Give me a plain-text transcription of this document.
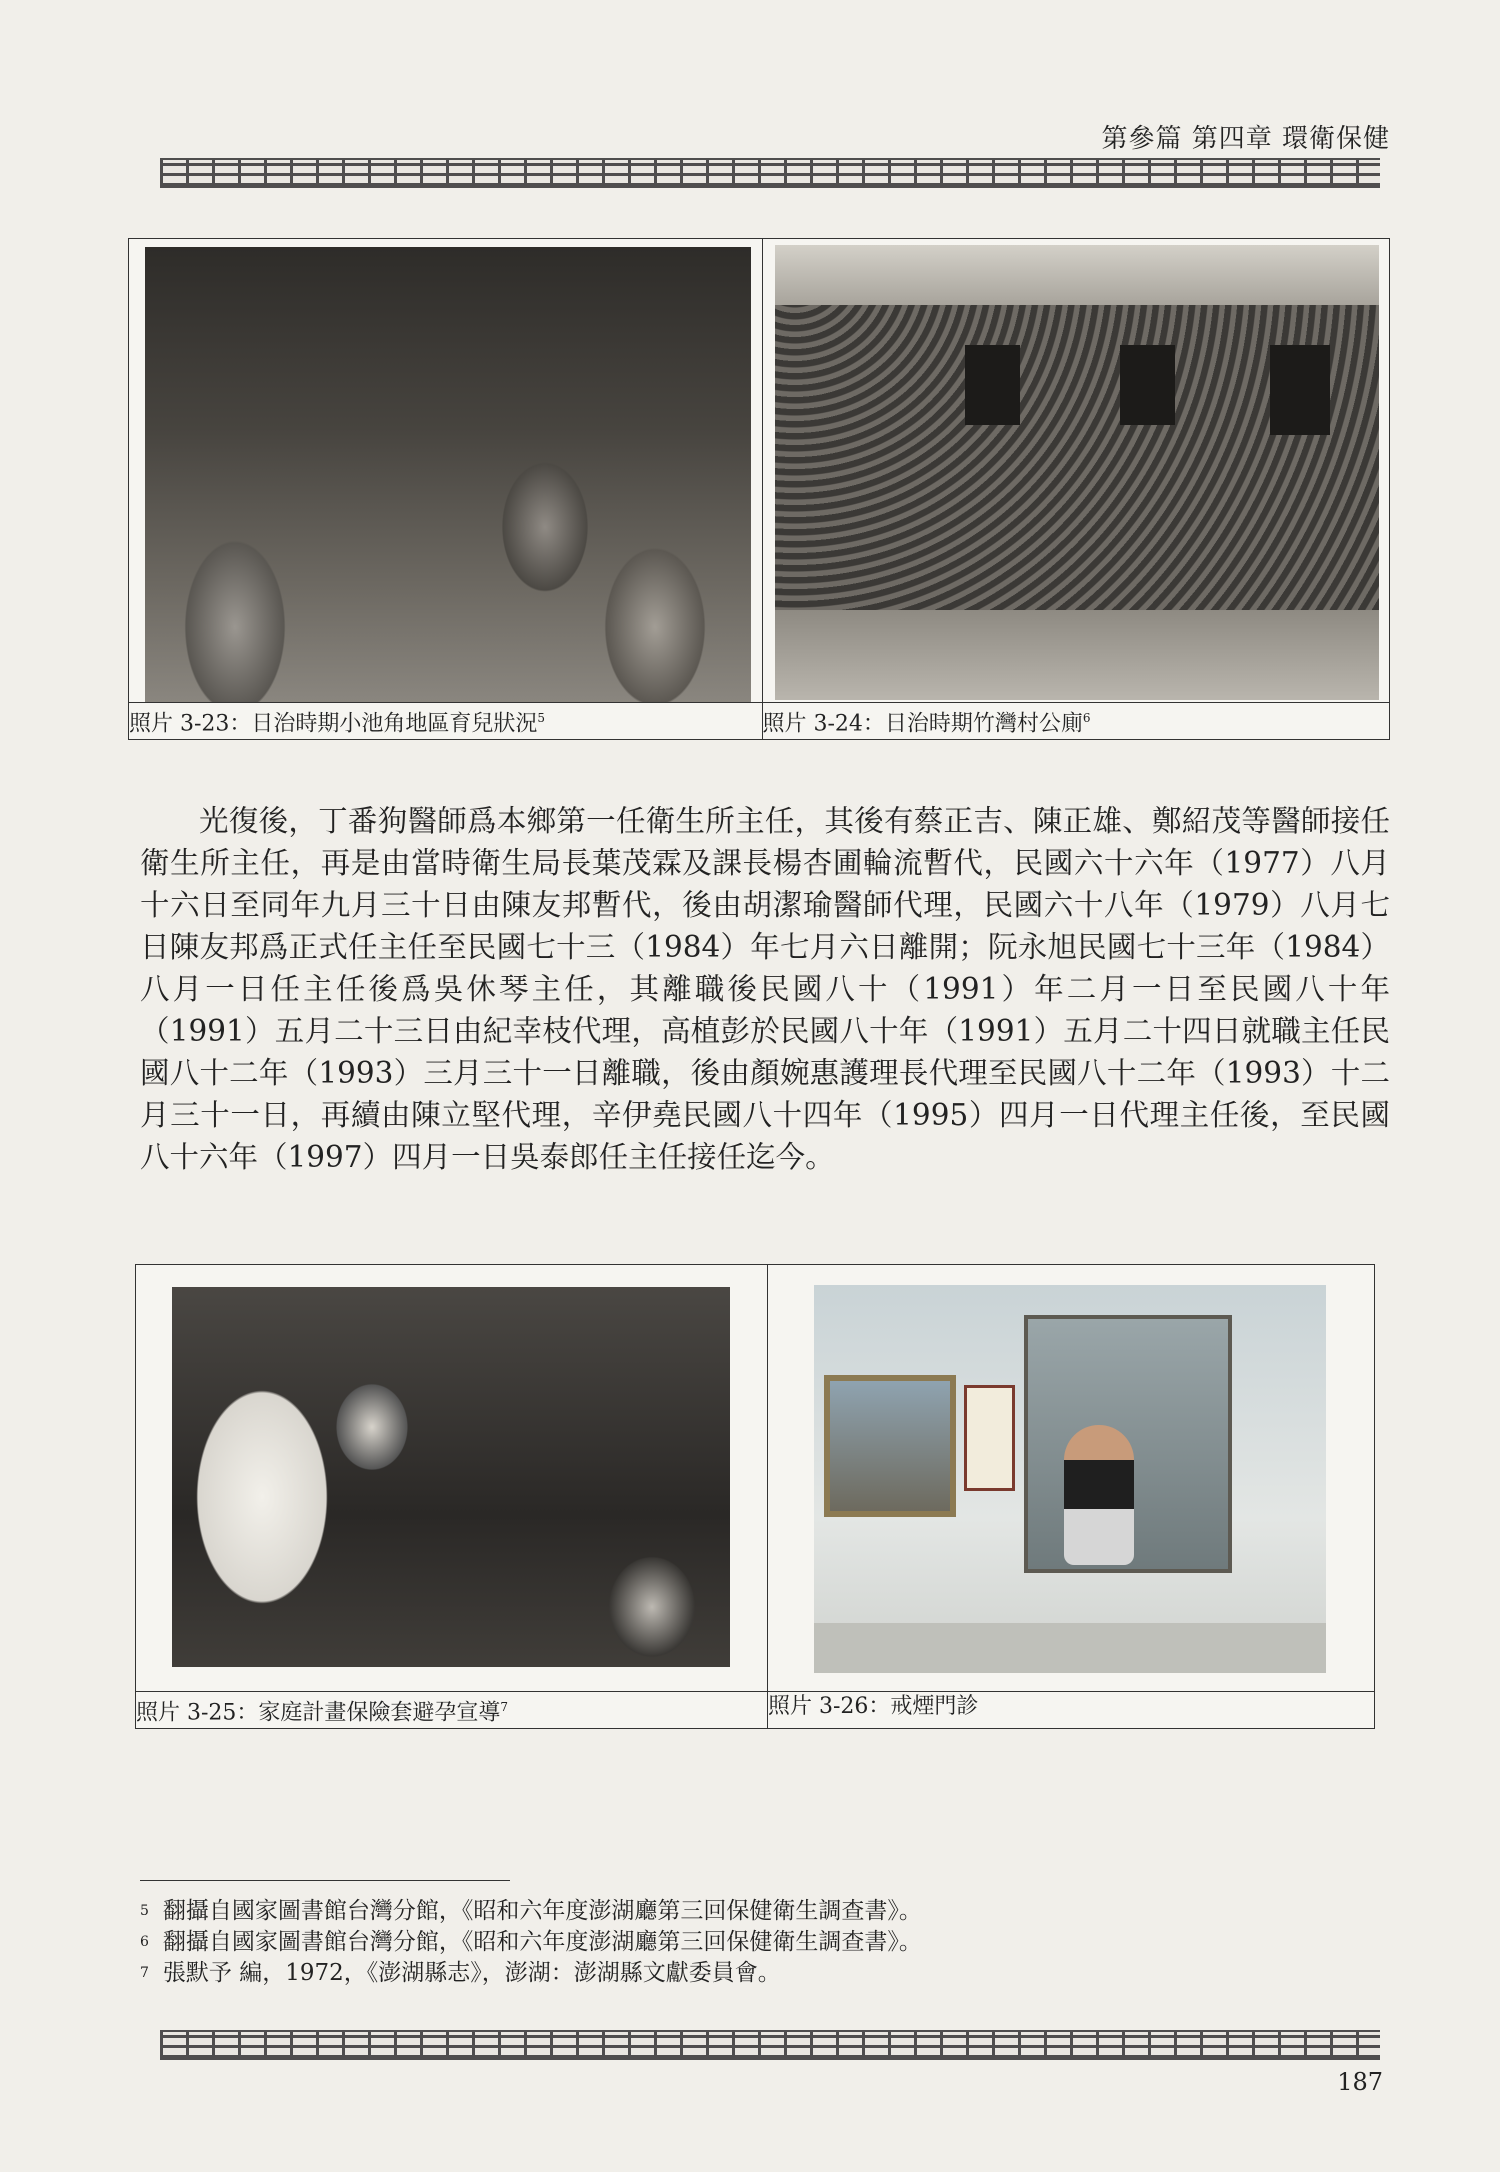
第參篇 第四章 環衛保健

照片 3-23：日治時期小池角地區育兒狀況$^5$	照片 3-24：日治時期竹灣村公廁$^6$

光復後，丁番狗醫師爲本鄉第一任衛生所主任，其後有蔡正吉、陳正雄、鄭紹茂等醫師接任衛生所主任，再是由當時衛生局長葉茂霖及課長楊杏圃輪流暫代，民國六十六年（1977）八月十六日至同年九月三十日由陳友邦暫代，後由胡潔瑜醫師代理，民國六十八年（1979）八月七日陳友邦爲正式任主任至民國七十三（1984）年七月六日離開；阮永旭民國七十三年（1984）八月一日任主任後爲吳休琴主任，其離職後民國八十（1991）年二月一日至民國八十年（1991）五月二十三日由紀幸枝代理，高植彭於民國八十年（1991）五月二十四日就職主任民國八十二年（1993）三月三十一日離職，後由顏婉惠護理長代理至民國八十二年（1993）十二月三十一日，再續由陳立堅代理，辛伊堯民國八十四年（1995）四月一日代理主任後，至民國八十六年（1997）四月一日吳泰郎任主任接任迄今。

照片 3-25：家庭計畫保險套避孕宣導$^7$	照片 3-26：戒煙門診
$^5$ 翻攝自國家圖書館台灣分館，《昭和六年度澎湖廳第三回保健衛生調查書》。
$^6$ 翻攝自國家圖書館台灣分館，《昭和六年度澎湖廳第三回保健衛生調查書》。
$^7$ 張默予 編，1972，《澎湖縣志》，澎湖：澎湖縣文獻委員會。
187
